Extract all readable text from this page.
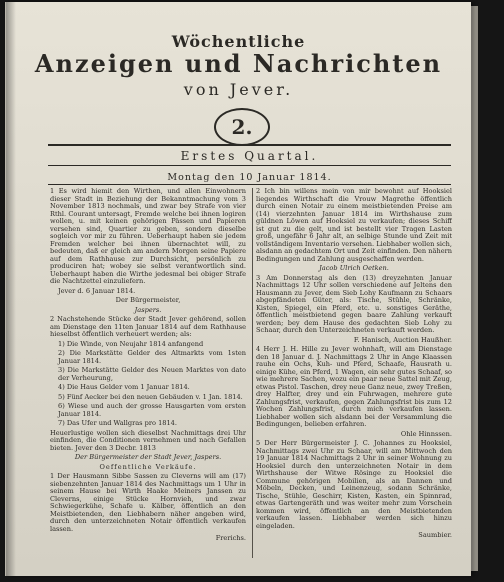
Wöchentliche
Anzeigen und Nachrichten
von Jever.
2.
Erstes Quartal.
Montag den 10 Januar 1814.

1 Es wird hiemit den Wirthen, und allen Einwohnern dieser Stadt in Beziehung der Bekanntmachung vom 3 November 1813 nochmals, und zwar bey Strafe von vier Rthl. Courant untersagt, Fremde welche bei ihnen logiren wollen, u. mit keinen gehörigen Pässen und Papieren versehen sind, Quartier zu geben, sondern dieselbe sogleich vor mir zu führen. Ueberhaupt haben sie jedem Fremden welcher bei ihnen übernachtet will, zu bedeuten, daß er gleich am andern Morgen seine Papiere auf dem Rathhause zur Durchsicht, persönlich zu produciren hat; wobey sie selbst verantwortlich sind. Ueberhaupt haben die Wirthe jedesmal bei obiger Strafe die Nachtzettel einzuliefern.

Jever d. 6 Januar 1814.

Der Bürgermeister,

Jaspers.

2 Nachstehende Stücke der Stadt Jever gehörend, sollen am Dienstage den 11ten Januar 1814 auf dem Rathhause hieselbst öffentlich verheuert werden; als:

1) Die Winde, von Neujahr 1814 anfangend

2) Die Markstätte Gelder des Altmarkts vom 1sten Januar 1814.

3) Die Markstätte Gelder des Neuen Marktes von dato der Verheurung,

4) Die Haus Gelder vom 1 Januar 1814.

5) Fünf Aecker bei den neuen Gebäuden v. 1 Jan. 1814.

6) Wiese und auch der grosse Hausgarten vom ersten Januar 1814.

7) Das Ufer und Wallgras pro 1814.

Heuerlustige wollen sich dieselbst Nachmittags drei Uhr einfinden, die Conditionen vernehmen und nach Gefallen bieten. Jever den 3 Decbr. 1813

Der Bürgermeister der Stadt Jever, Jaspers.

Oeffentliche Verkäufe.

1 Der Hausmann Sibbe Sassen zu Cleverns will am (17) siebenzehnten Januar 1814 des Nachmittags um 1 Uhr in seinem Hause bei Wirth Haake Meiners Janssen zu Cleverns, einige Stücke Hornvieh, und zwar Schwiegerkühe, Schafe u. Kälber, öffentlich an den Meistbietenden, den Liebhabern näher angeben wird, durch den unterzeichneten Notair öffentlich verkaufen lassen.

Frerichs.

2 Ich bin willens mein von mir bewohnt auf Hooksiel liegendes Wirthschaft die Vrouw Magrethe öffentlich durch einen Notair zu einem meistbietenden Preise am (14) vierzehnten Januar 1814 im Wirthshause zum güldnen Löwen auf Hooksiel zu verkaufen; dieses Schiff ist gut zu die gelt, und ist bestellt vier Tragen Lasten groß, ungefähr 6 Jahr alt, an selbige Stunde und Zeit mit vollständigem Inventario versehen. Liebhaber wollen sich, alsdann an gedachtem Ort und Zeit einfinden. Den nähern Bedingungen und Zahlung ausgeschaffen werden.

Jacob Ulrich Oetken.

3 Am Donnerstag als den (13) dreyzehnten Januar Nachmittags 12 Uhr sollen verschiedene auf Jeltens den Hausmann zu Jever, dem Sieb Lohy Kaufmann zu Schaars abgepfändeten Güter, als: Tische, Stühle, Schränke, Kisten, Spiegel, ein Pferd, etc. u. sonstiges Geräthe, öffentlich meistbietend gegen baare Zahlung verkauft werden; bey dem Hause des gedachten Sieb Lohy zu Schaar, durch den Unterzeichneten verkauft werden.

F. Hanisch, Auction Haußher.

4 Herr J. H. Hille zu Jever wohnhaft, will am Dienstage den 18 Januar d. J. Nachmittags 2 Uhr in Ange Klaassen rauhe ein Ochs, Kuh- und Pferd, Schaafe, Hausrath u. einige Kühe, ein Pferd, 1 Wagen, ein sehr gutes Schaaf, so wie mehrere Sachen, wozu ein paar neue Sattel mit Zeug, etwas Pistol. Taschen, drey neue Ganz neue, zwey Treßen, drey Halfter, drey und ein Fuhrwagen, mehrere gute Zahlungsfrist, verkaufen, gegen Zahlungsfrist bis zum 12 Wochen Zahlungsfrist, durch mich verkaufen lassen. Liebhaber wollen sich alsdann bei der Versammlung die Bedingungen, belieben erfahren.

Ohle Hinnssen.

5 Der Herr Bürgermeister J. C. Johannes zu Hooksiel, Nachmittags zwei Uhr zu Schaar, will am Mittwoch den 19 Januar 1814 Nachmittags 2 Uhr in seiner Wohnung zu Hooksiel durch den unterzeichneten Notair in dem Wirthshause der Witwe Rösinge zu Hooksiel die Commune gehörigen Mobilien, als an Dannen und Möbeln, Decken, und Leinenzeug, sodann Schränke, Tische, Stühle, Geschirr, Kisten, Kasten, ein Spinnrad, etwas Gartengeräth und was weiter mehr zum Vorschein kommen wird, öffentlich an den Meistbietenden verkaufen lassen. Liebhaber werden sich hinzu eingeladen.

Saumbier.
